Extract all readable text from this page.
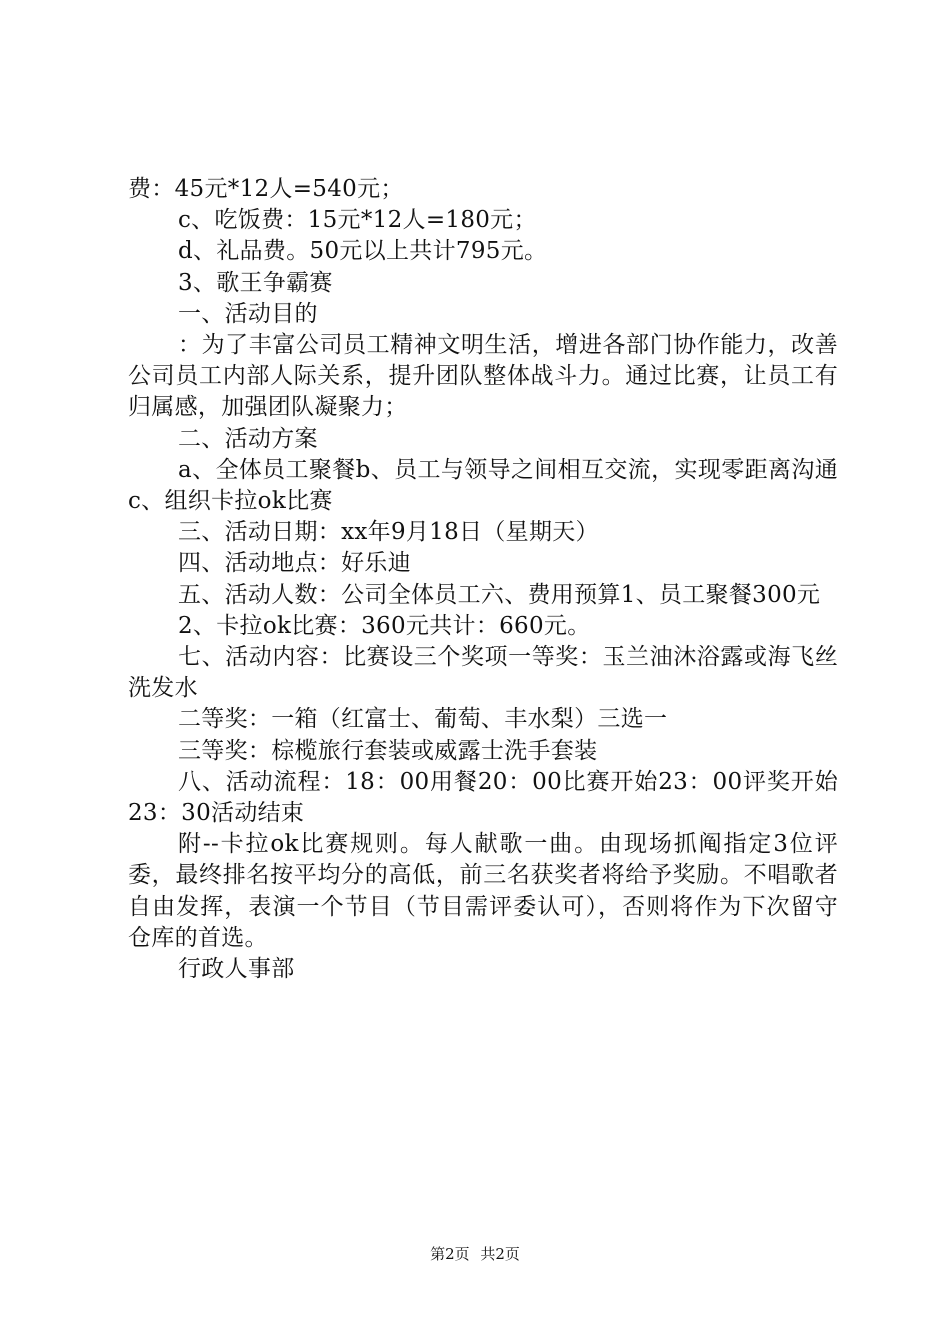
费：45元*12人=540元；

c、吃饭费：15元*12人=180元；

d、礼品费。50元以上共计795元。

3、歌王争霸赛

一、活动目的

：为了丰富公司员工精神文明生活，增进各部门协作能力，改善公司员工内部人际关系，提升团队整体战斗力。通过比赛，让员工有归属感，加强团队凝聚力；

二、活动方案

a、全体员工聚餐b、员工与领导之间相互交流，实现零距离沟通c、组织卡拉ok比赛

三、活动日期：xx年9月18日（星期天）

四、活动地点：好乐迪

五、活动人数：公司全体员工六、费用预算1、员工聚餐300元

2、卡拉ok比赛：360元共计：660元。

七、活动内容：比赛设三个奖项一等奖：玉兰油沐浴露或海飞丝洗发水

二等奖：一箱（红富士、葡萄、丰水梨）三选一

三等奖：棕榄旅行套装或威露士洗手套装

八、活动流程：18：00用餐20：00比赛开始23：00评奖开始23：30活动结束

附--卡拉ok比赛规则。每人献歌一曲。由现场抓阄指定3位评委，最终排名按平均分的高低，前三名获奖者将给予奖励。不唱歌者自由发挥，表演一个节目（节目需评委认可），否则将作为下次留守仓库的首选。

行政人事部

第2页 共2页
